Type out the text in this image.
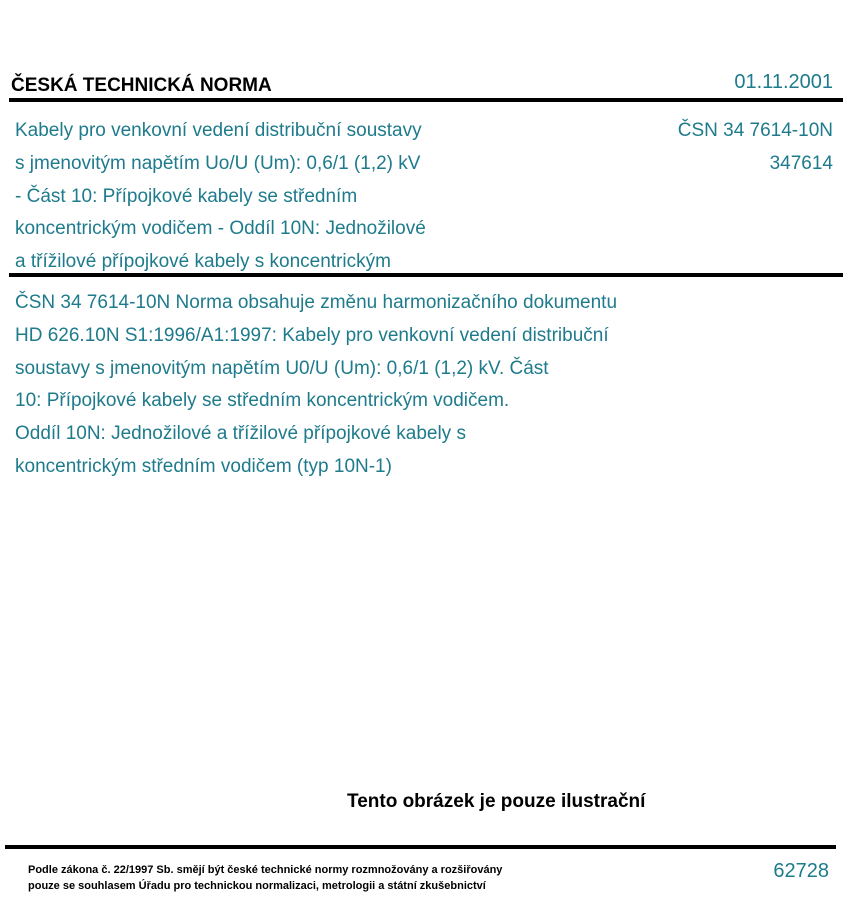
ČESKÁ TECHNICKÁ NORMA	01.11.2001
Kabely pro venkovní vedení distribuční soustavy
s jmenovitým napětím Uo/U (Um): 0,6/1 (1,2) kV
- Část 10: Přípojkové kabely se středním
koncentrickým vodičem - Oddíl 10N: Jednožilové
a třížilové přípojkové kabely s koncentrickým
ČSN 34 7614-10N
347614
ČSN 34 7614-10N Norma obsahuje změnu harmonizačního dokumentu
HD 626.10N S1:1996/A1:1997: Kabely pro venkovní vedení distribuční
soustavy s jmenovitým napětím U0/U (Um): 0,6/1 (1,2) kV. Část
10: Přípojkové kabely se středním koncentrickým vodičem.
Oddíl 10N: Jednožilové a třížilové přípojkové kabely s
koncentrickým středním vodičem (typ 10N-1)
Tento obrázek je pouze ilustrační
Podle zákona č. 22/1997 Sb. smějí být české technické normy rozmnožovány a rozšiřovány
pouze se souhlasem Úřadu pro technickou normalizaci, metrologii a státní zkušebnictví
62728
